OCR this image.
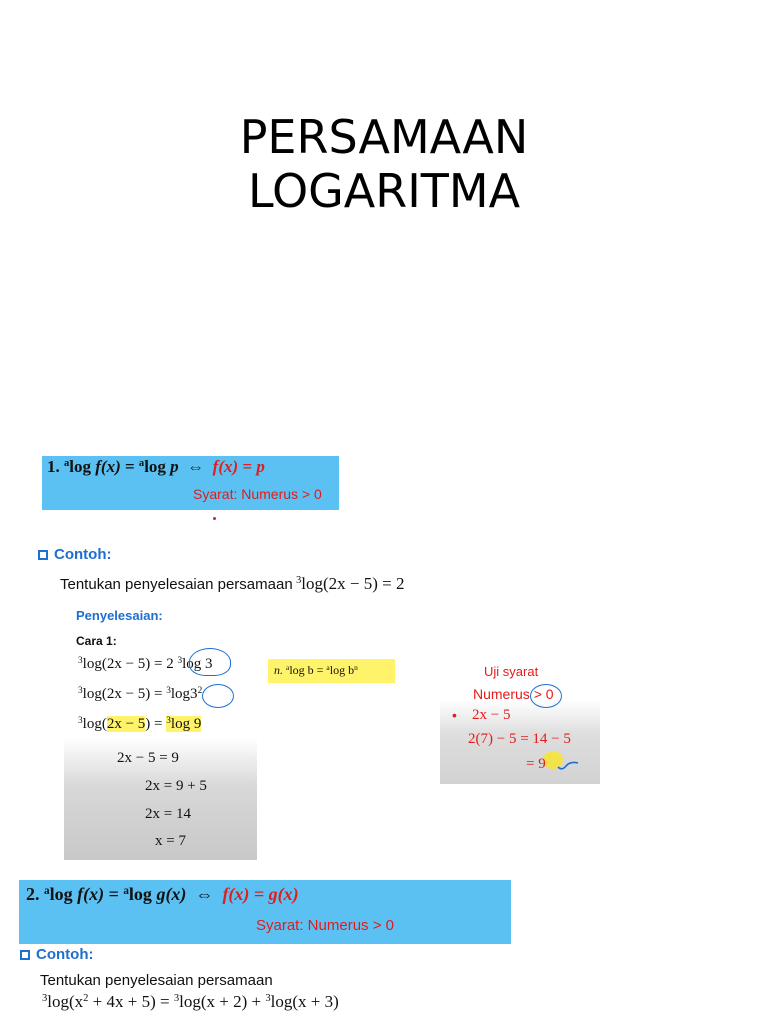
PERSAMAAN
LOGARITMA
1. $^a$log f(x) = $^a$log p ⇔ f(x) = p
Syarat: Numerus > 0
Contoh:
Tentukan penyelesaian persamaan $^3$log(2x − 5) = 2
Penyelesaian:
Cara 1:
$^3$log(2x − 5) = 2 $^3$log 3
$^3\log(2x - 5) = ^3\log 3^2$
$^3$log(2x − 5) = $^3$log 9
2x − 5 = 9
2x = 9 + 5
2x = 14
x = 7
n. $^a$log b = $^a$log $b^n$	Uji syarat
Numerus > 0
• 2x − 5
2(7) − 5 = 14 − 5
= 9
2. $^a$log f(x) = $^a$log g(x) ⇔ f(x) = g(x)
Syarat: Numerus > 0
Contoh:
Tentukan penyelesaian persamaan
$^3\log(x^2 + 4x + 5) = ^3\log(x + 2) + ^3\log(x + 3)$
